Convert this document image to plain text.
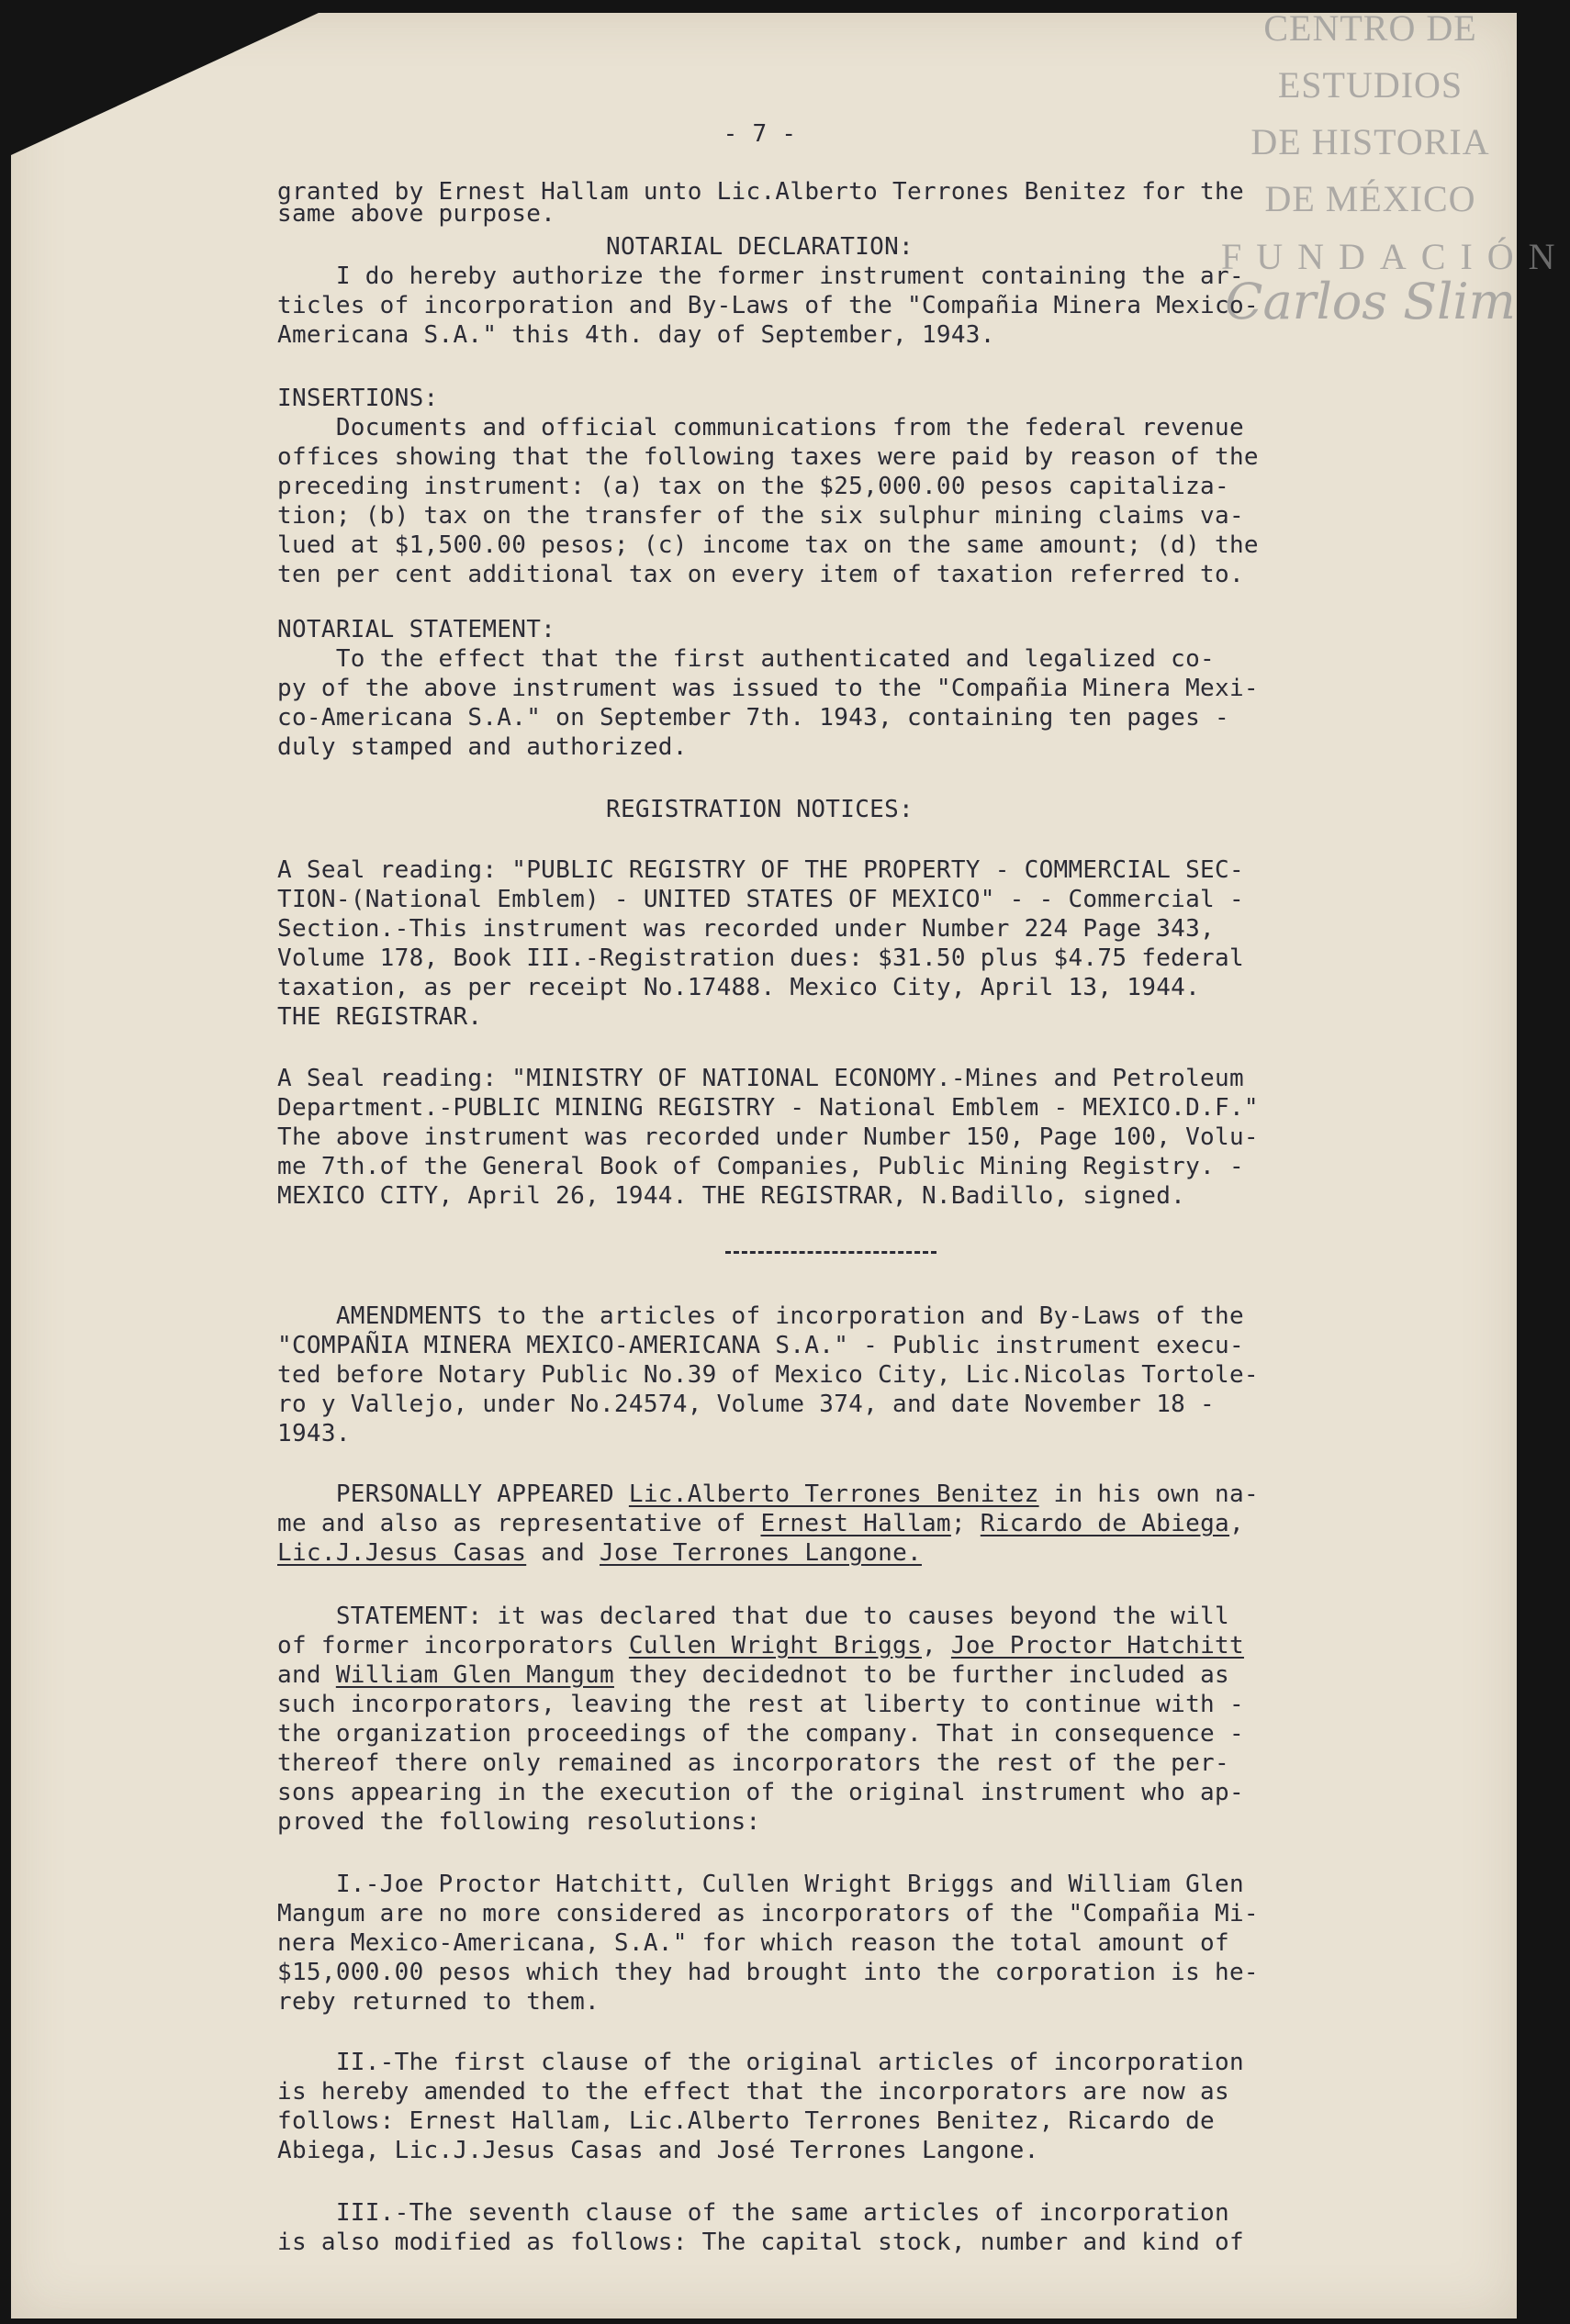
CENTRO DE
ESTUDIOS
DE HISTORIA
DE MÉXICO
FUNDACIÓN
Carlos Slim
- 7 -
granted by Ernest Hallam unto Lic.Alberto Terrones Benitez for the
same above purpose.
NOTARIAL DECLARATION:
I do hereby authorize the former instrument containing the ar-
ticles of incorporation and By-Laws of the "Compañia Minera Mexico-
Americana S.A." this 4th. day of September, 1943.
INSERTIONS:
Documents and official communications from the federal revenue
offices showing that the following taxes were paid by reason of the
preceding instrument: (a) tax on the $25,000.00 pesos capitaliza-
tion; (b) tax on the transfer of the six sulphur mining claims va-
lued at $1,500.00 pesos; (c) income tax on the same amount; (d) the
ten per cent additional tax on every item of taxation referred to.
NOTARIAL STATEMENT:
To the effect that the first authenticated and legalized co-
py of the above instrument was issued to the "Compañia Minera Mexi-
co-Americana S.A." on September 7th. 1943, containing ten pages -
duly stamped and authorized.
REGISTRATION NOTICES:
A Seal reading: "PUBLIC REGISTRY OF THE PROPERTY - COMMERCIAL SEC-
TION-(National Emblem) - UNITED STATES OF MEXICO" - - Commercial -
Section.-This instrument was recorded under Number 224 Page 343,
Volume 178, Book III.-Registration dues: $31.50 plus $4.75 federal
taxation, as per receipt No.17488. Mexico City, April 13, 1944.
THE REGISTRAR.
A Seal reading: "MINISTRY OF NATIONAL ECONOMY.-Mines and Petroleum
Department.-PUBLIC MINING REGISTRY - National Emblem - MEXICO.D.F."
The above instrument was recorded under Number 150, Page 100, Volu-
me 7th.of the General Book of Companies, Public Mining Registry. -
MEXICO CITY, April 26, 1944. THE REGISTRAR, N.Badillo, signed.
AMENDMENTS to the articles of incorporation and By-Laws of the
"COMPAÑIA MINERA MEXICO-AMERICANA S.A." - Public instrument execu-
ted before Notary Public No.39 of Mexico City, Lic.Nicolas Tortole-
ro y Vallejo, under No.24574, Volume 374, and date November 18 -
1943.
PERSONALLY APPEARED Lic.Alberto Terrones Benitez in his own na-
me and also as representative of Ernest Hallam; Ricardo de Abiega,
Lic.J.Jesus Casas and Jose Terrones Langone.
STATEMENT: it was declared that due to causes beyond the will
of former incorporators Cullen Wright Briggs, Joe Proctor Hatchitt
and William Glen Mangum they decidednot to be further included as
such incorporators, leaving the rest at liberty to continue with -
the organization proceedings of the company. That in consequence -
thereof there only remained as incorporators the rest of the per-
sons appearing in the execution of the original instrument who ap-
proved the following resolutions:
I.-Joe Proctor Hatchitt, Cullen Wright Briggs and William Glen
Mangum are no more considered as incorporators of the "Compañia Mi-
nera Mexico-Americana, S.A." for which reason the total amount of
$15,000.00 pesos which they had brought into the corporation is he-
reby returned to them.
II.-The first clause of the original articles of incorporation
is hereby amended to the effect that the incorporators are now as
follows: Ernest Hallam, Lic.Alberto Terrones Benitez, Ricardo de
Abiega, Lic.J.Jesus Casas and José Terrones Langone.
III.-The seventh clause of the same articles of incorporation
is also modified as follows: The capital stock, number and kind of
